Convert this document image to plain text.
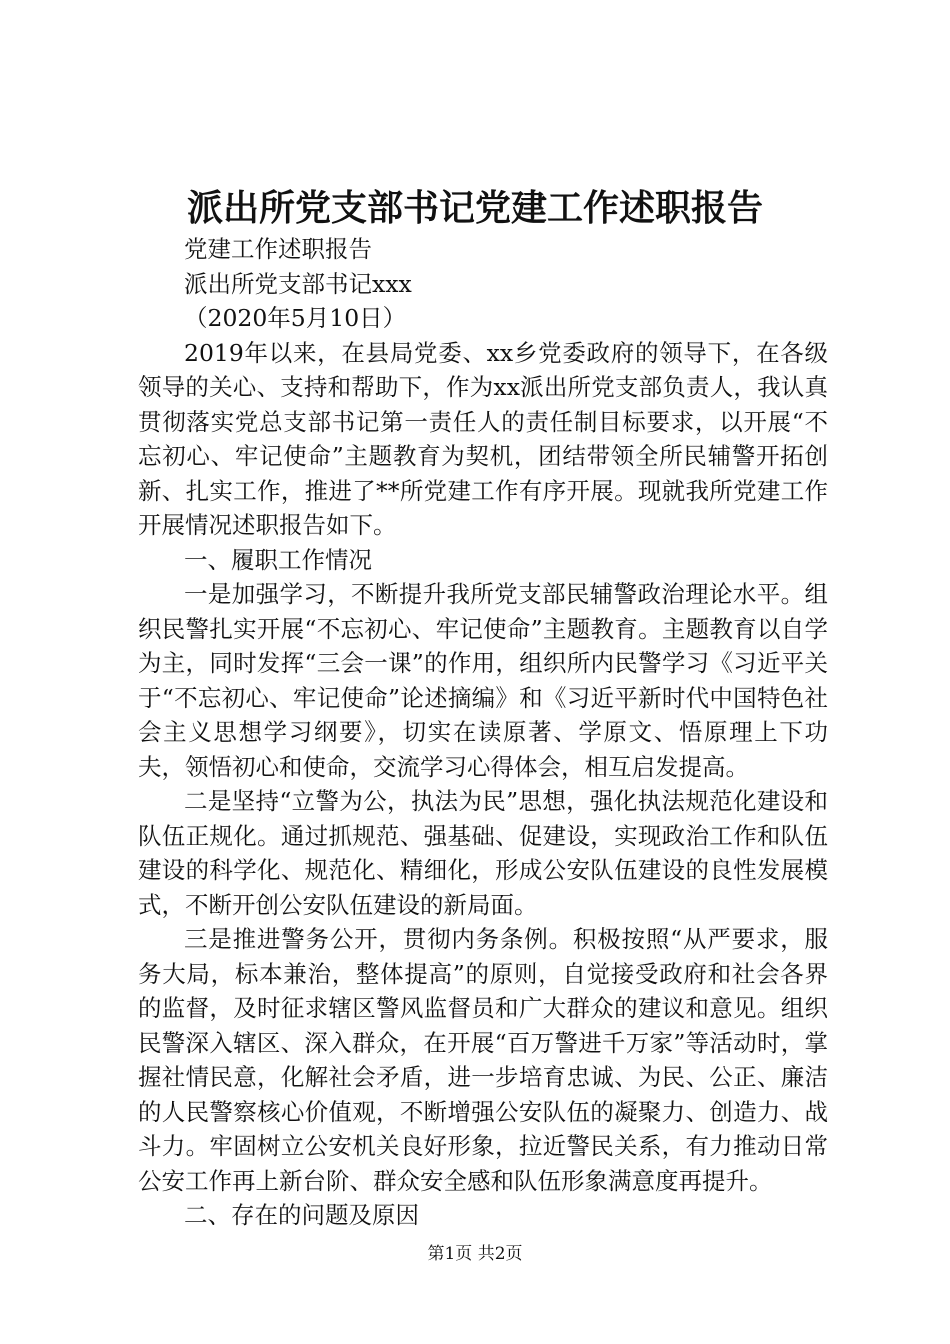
派出所党支部书记党建工作述职报告

党建工作述职报告

派出所党支部书记xxx

（2020年5月10日）

2019年以来，在县局党委、xx乡党委政府的领导下，在各级领导的关心、支持和帮助下，作为xx派出所党支部负责人，我认真贯彻落实党总支部书记第一责任人的责任制目标要求，以开展“不忘初心、牢记使命”主题教育为契机，团结带领全所民辅警开拓创新、扎实工作，推进了**所党建工作有序开展。现就我所党建工作开展情况述职报告如下。

一、履职工作情况

一是加强学习，不断提升我所党支部民辅警政治理论水平。组织民警扎实开展“不忘初心、牢记使命”主题教育。主题教育以自学为主，同时发挥“三会一课”的作用，组织所内民警学习《习近平关于“不忘初心、牢记使命”论述摘编》和《习近平新时代中国特色社会主义思想学习纲要》，切实在读原著、学原文、悟原理上下功夫，领悟初心和使命，交流学习心得体会，相互启发提高。

二是坚持“立警为公，执法为民”思想，强化执法规范化建设和队伍正规化。通过抓规范、强基础、促建设，实现政治工作和队伍建设的科学化、规范化、精细化，形成公安队伍建设的良性发展模式，不断开创公安队伍建设的新局面。

三是推进警务公开，贯彻内务条例。积极按照“从严要求，服务大局，标本兼治，整体提高”的原则，自觉接受政府和社会各界的监督，及时征求辖区警风监督员和广大群众的建议和意见。组织民警深入辖区、深入群众，在开展“百万警进千万家”等活动时，掌握社情民意，化解社会矛盾，进一步培育忠诚、为民、公正、廉洁的人民警察核心价值观，不断增强公安队伍的凝聚力、创造力、战斗力。牢固树立公安机关良好形象，拉近警民关系，有力推动日常公安工作再上新台阶、群众安全感和队伍形象满意度再提升。

二、存在的问题及原因

第1页 共2页
